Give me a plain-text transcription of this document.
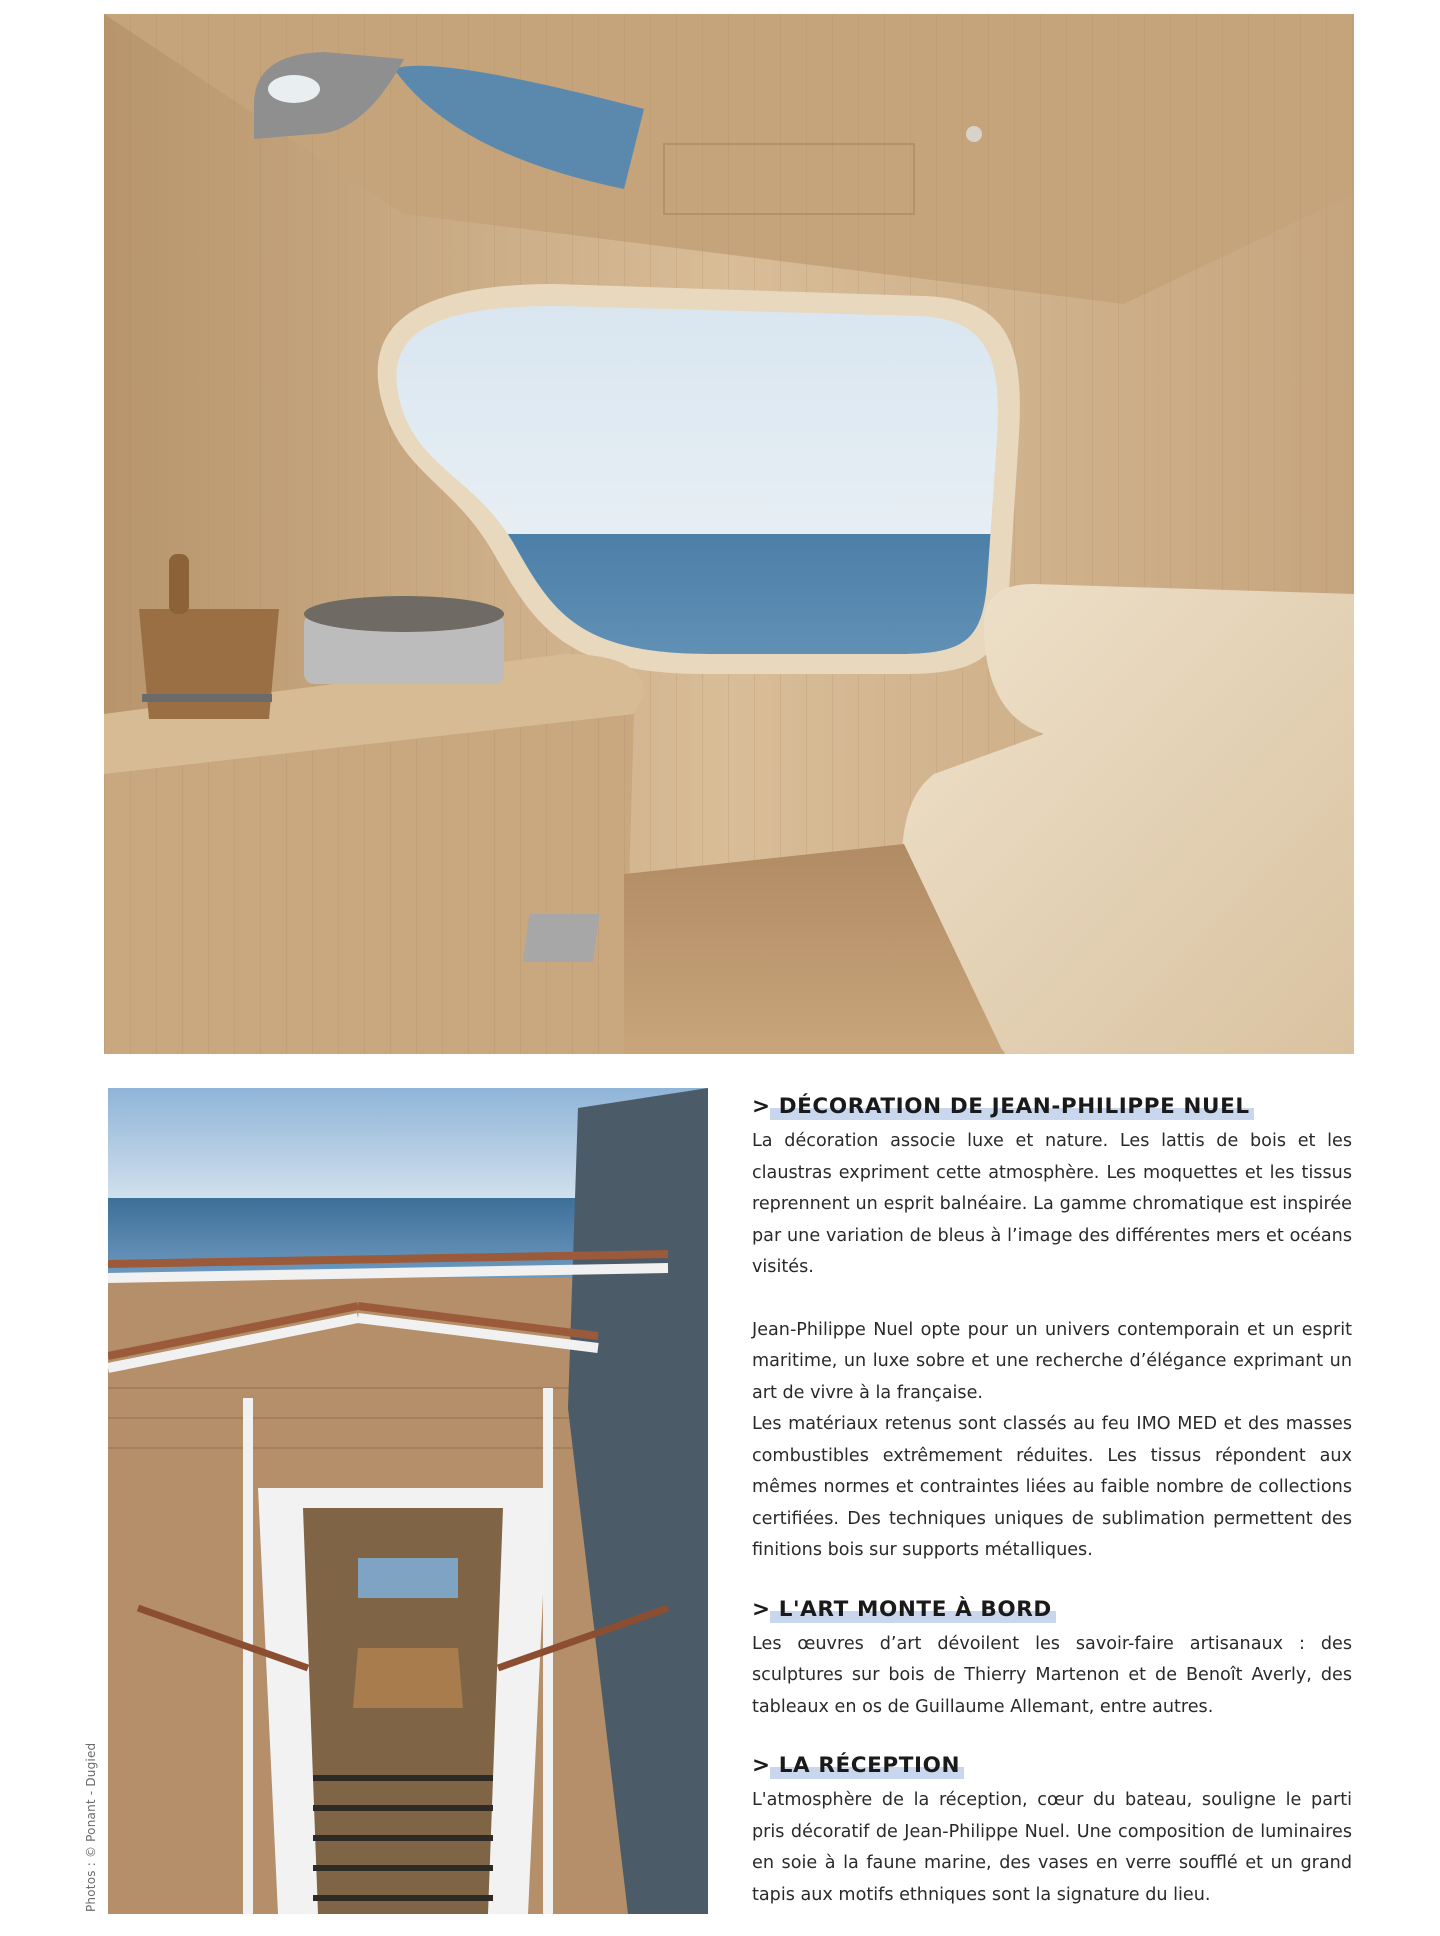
Photos : © Ponant - Dugied
> DÉCORATION DE JEAN-PHILIPPE NUEL

La décoration associe luxe et nature. Les lattis de bois et les claustras expriment cette atmosphère. Les moquettes et les tissus reprennent un esprit balnéaire. La gamme chromatique est inspirée par une variation de bleus à l’image des différentes mers et océans visités.

Jean-Philippe Nuel opte pour un univers contemporain et un esprit maritime, un luxe sobre et une recherche d’élégance exprimant un art de vivre à la française.

Les matériaux retenus sont classés au feu IMO MED et des masses combustibles extrêmement réduites. Les tissus répondent aux mêmes normes et contraintes liées au faible nombre de collections certifiées. Des techniques uniques de sublimation permettent des finitions bois sur supports métalliques.

> L'ART MONTE À BORD

Les œuvres d’art dévoilent les savoir-faire artisanaux : des sculptures sur bois de Thierry Martenon et de Benoît Averly, des tableaux en os de Guillaume Allemant, entre autres.

> LA RÉCEPTION

L'atmosphère de la réception, cœur du bateau, souligne le parti pris décoratif de Jean-Philippe Nuel. Une composition de luminaires en soie à la faune marine, des vases en verre soufflé et un grand tapis aux motifs ethniques sont la signature du lieu.
